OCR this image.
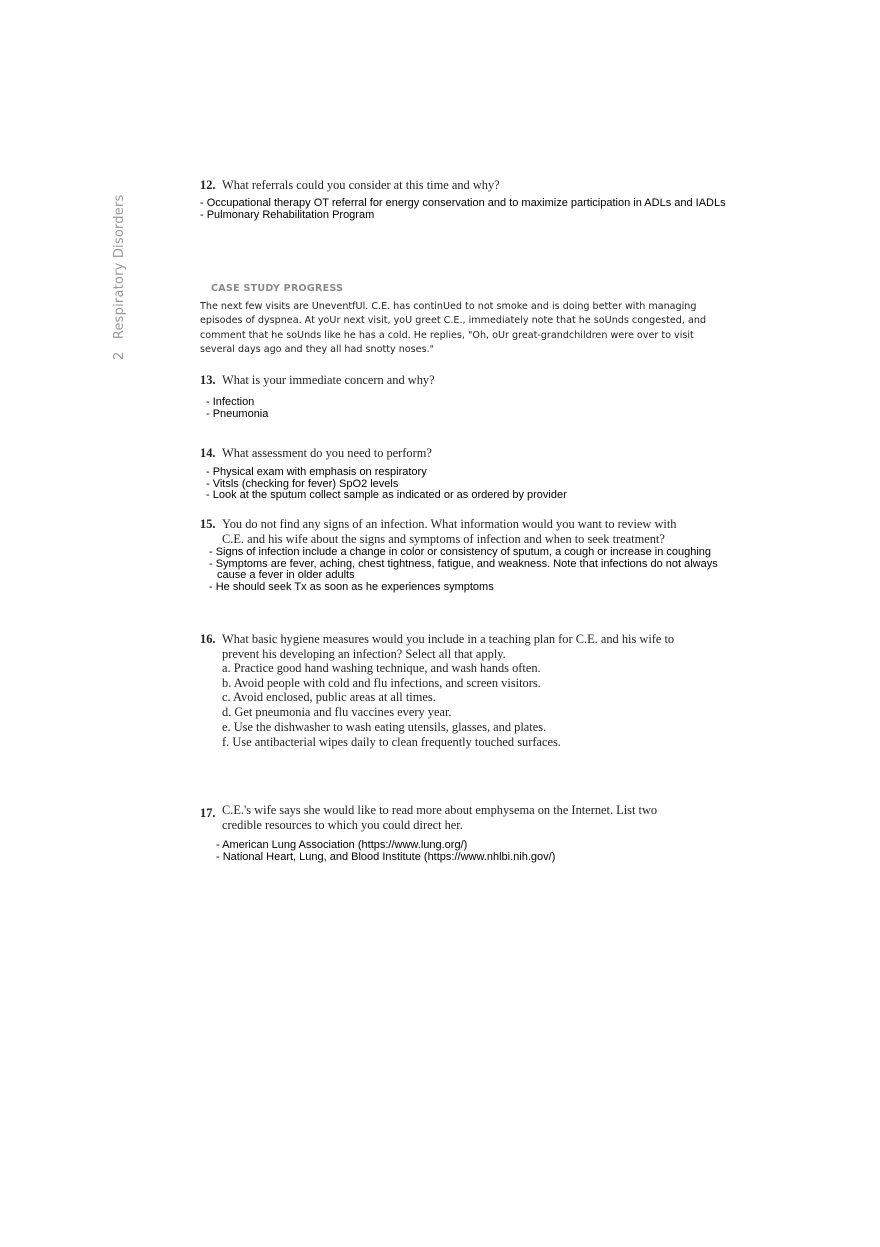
2 Respiratory Disorders
12. What referrals could you consider at this time and why?
- Occupational therapy OT referral for energy conservation and to maximize participation in ADLs and IADLs
- Pulmonary Rehabilitation Program
CASE STUDY PROGRESS
The next few visits are UneventfUl. C.E. has continUed to not smoke and is doing better with managing
episodes of dyspnea. At yoUr next visit, yoU greet C.E., immediately note that he soUnds congested, and
comment that he soUnds like he has a cold. He replies, "Oh, oUr great-grandchildren were over to visit
several days ago and they all had snotty noses."
13. What is your immediate concern and why?
- Infection
- Pneumonia
14. What assessment do you need to perform?
- Physical exam with emphasis on respiratory
- Vitsls (checking for fever) SpO2 levels
- Look at the sputum collect sample as indicated or as ordered by provider
15. You do not find any signs of an infection. What information would you want to review with
C.E. and his wife about the signs and symptoms of infection and when to seek treatment?
- Signs of infection include a change in color or consistency of sputum, a cough or increase in coughing
- Symptoms are fever, aching, chest tightness, fatigue, and weakness. Note that infections do not always
cause a fever in older adults
- He should seek Tx as soon as he experiences symptoms
16. What basic hygiene measures would you include in a teaching plan for C.E. and his wife to
prevent his developing an infection? Select all that apply.
a. Practice good hand washing technique, and wash hands often.
b. Avoid people with cold and flu infections, and screen visitors.
c. Avoid enclosed, public areas at all times.
d. Get pneumonia and flu vaccines every year.
e. Use the dishwasher to wash eating utensils, glasses, and plates.
f. Use antibacterial wipes daily to clean frequently touched surfaces.
17. C.E.'s wife says she would like to read more about emphysema on the Internet. List two
credible resources to which you could direct her.
- American Lung Association (https://www.lung.org/)
- National Heart, Lung, and Blood Institute (https://www.nhlbi.nih.gov/)
